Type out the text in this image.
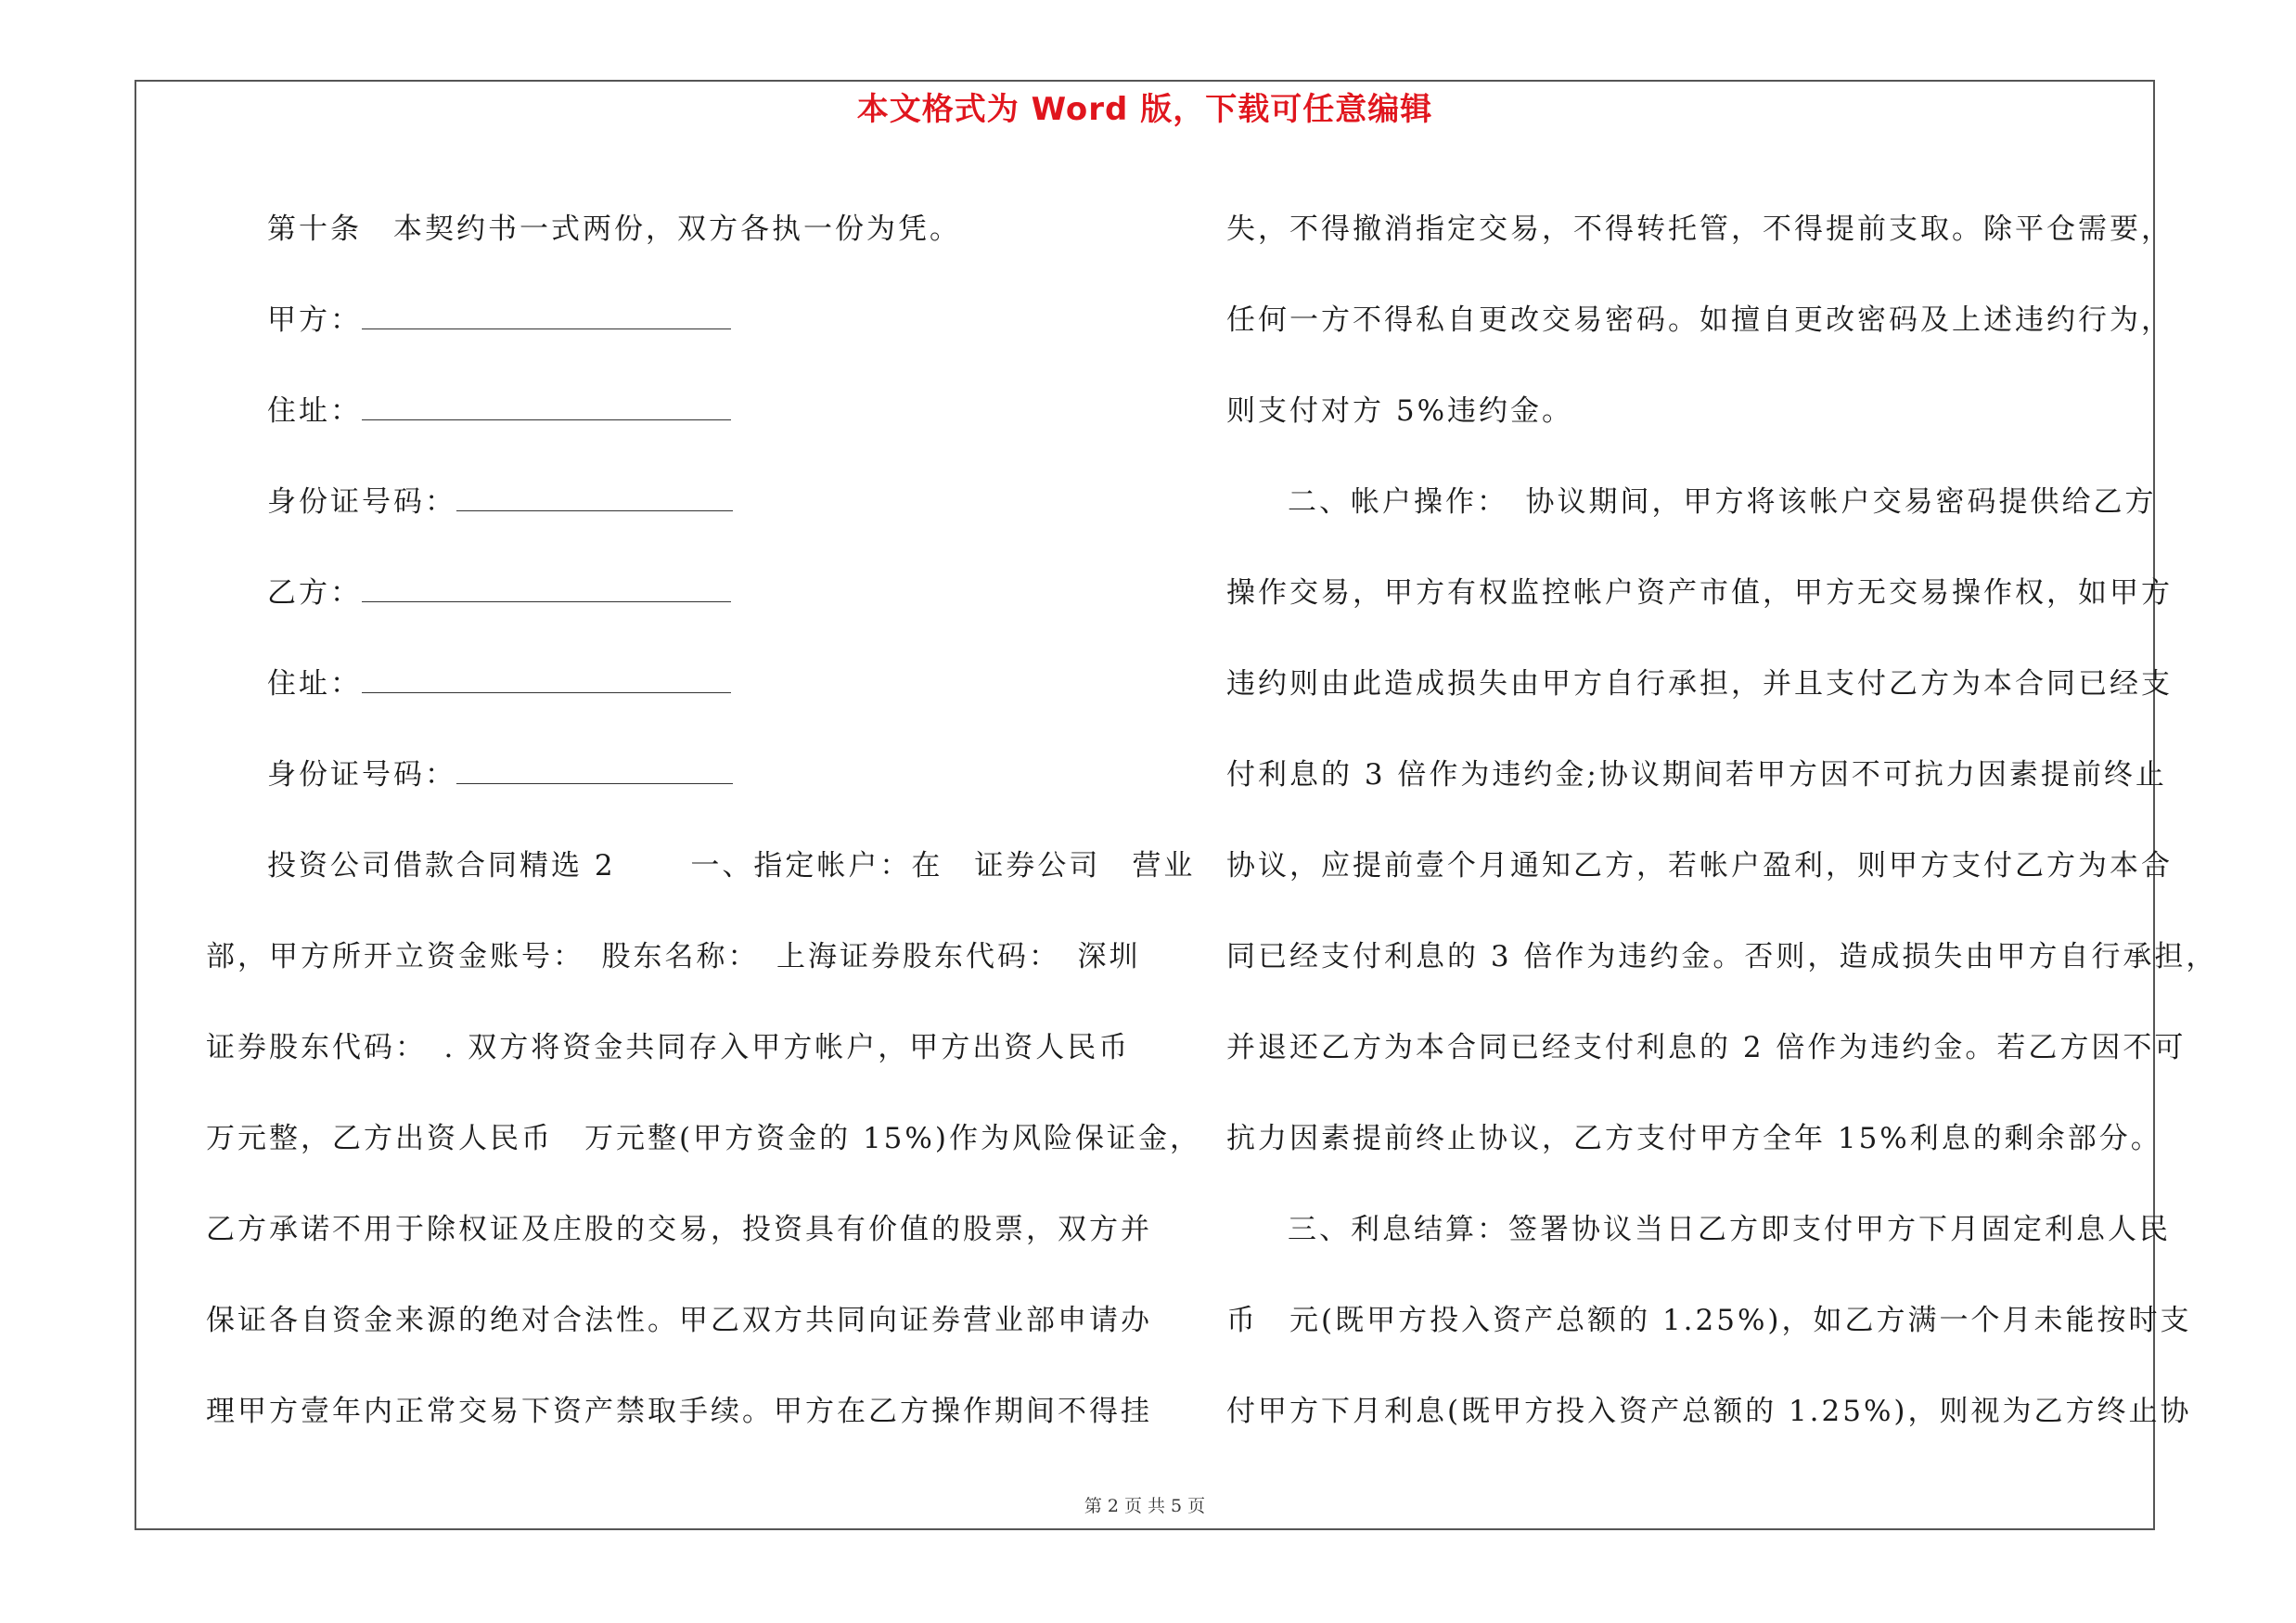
本文格式为 Word 版，下载可任意编辑
第十条　本契约书一式两份，双方各执一份为凭。
甲方：
住址：
身份证号码：
乙方：
住址：
身份证号码：
投资公司借款合同精选 2　　 一、指定帐户：在　证券公司　营业
部，甲方所开立资金账号：　股东名称：　上海证券股东代码：　深圳
证券股东代码：　. 双方将资金共同存入甲方帐户，甲方出资人民币
万元整，乙方出资人民币　万元整(甲方资金的 15%)作为风险保证金，
乙方承诺不用于除权证及庄股的交易，投资具有价值的股票，双方并
保证各自资金来源的绝对合法性。甲乙双方共同向证券营业部申请办
理甲方壹年内正常交易下资产禁取手续。甲方在乙方操作期间不得挂
失，不得撤消指定交易，不得转托管，不得提前支取。除平仓需要，
任何一方不得私自更改交易密码。如擅自更改密码及上述违约行为，
则支付对方 5%违约金。
二、帐户操作：　协议期间，甲方将该帐户交易密码提供给乙方
操作交易，甲方有权监控帐户资产市值，甲方无交易操作权，如甲方
违约则由此造成损失由甲方自行承担，并且支付乙方为本合同已经支
付利息的 3 倍作为违约金;协议期间若甲方因不可抗力因素提前终止
协议，应提前壹个月通知乙方，若帐户盈利，则甲方支付乙方为本合
同已经支付利息的 3 倍作为违约金。否则，造成损失由甲方自行承担，
并退还乙方为本合同已经支付利息的 2 倍作为违约金。若乙方因不可
抗力因素提前终止协议，乙方支付甲方全年 15%利息的剩余部分。
三、利息结算：签署协议当日乙方即支付甲方下月固定利息人民
币　元(既甲方投入资产总额的 1.25%)，如乙方满一个月未能按时支
付甲方下月利息(既甲方投入资产总额的 1.25%)，则视为乙方终止协
第 2 页 共 5 页
